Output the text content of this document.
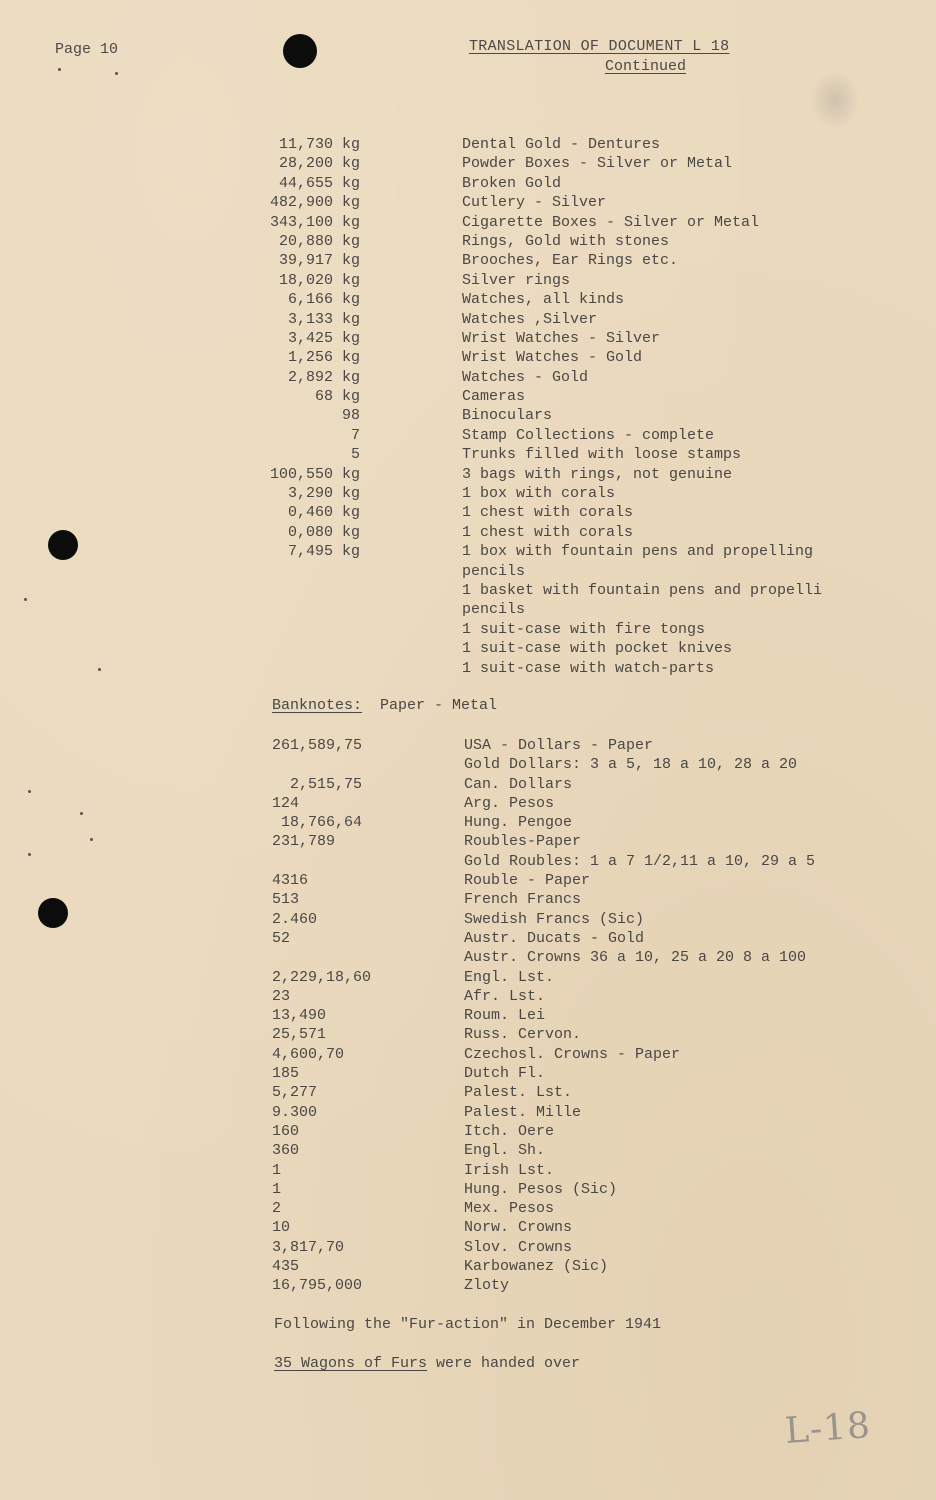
Page 10	TRANSLATION OF DOCUMENT L 18
Continued
11,730 kg
28,200 kg
44,655 kg
482,900 kg
343,100 kg
20,880 kg
39,917 kg
18,020 kg
6,166 kg
3,133 kg
3,425 kg
1,256 kg
2,892 kg
68 kg
98
7
5
100,550 kg
3,290 kg
0,460 kg
0,080 kg
7,495 kg
Dental Gold - Dentures
Powder Boxes - Silver or Metal
Broken Gold
Cutlery - Silver
Cigarette Boxes - Silver or Metal
Rings, Gold with stones
Brooches, Ear Rings etc.
Silver rings
Watches, all kinds
Watches ,Silver
Wrist Watches - Silver
Wrist Watches - Gold
Watches - Gold
Cameras
Binoculars
Stamp Collections - complete
Trunks filled with loose stamps
3 bags with rings, not genuine
1 box with corals
1 chest with corals
1 chest with corals
1 box with fountain pens and propelling
pencils
1 basket with fountain pens and propelli
pencils
1 suit-case with fire tongs
1 suit-case with pocket knives
1 suit-case with watch-parts
Banknotes: Paper - Metal
261,589,75
2,515,75
124
18,766,64
231,789
4316
513
2.460
52
2,229,18,60
23
13,490
25,571
4,600,70
185
5,277
9.300
160
360
1
1
2
10
3,817,70
435
16,795,000
USA - Dollars - Paper
Gold Dollars: 3 a 5, 18 a 10, 28 a 20
Can. Dollars
Arg. Pesos
Hung. Pengoe
Roubles-Paper
Gold Roubles: 1 a 7 1/2,11 a 10, 29 a 5
Rouble - Paper
French Francs
Swedish Francs (Sic)
Austr. Ducats - Gold
Austr. Crowns 36 a 10, 25 a 20 8 a 100
Engl. Lst.
Afr. Lst.
Roum. Lei
Russ. Cervon.
Czechosl. Crowns - Paper
Dutch Fl.
Palest. Lst.
Palest. Mille
Itch. Oere
Engl. Sh.
Irish Lst.
Hung. Pesos (Sic)
Mex. Pesos
Norw. Crowns
Slov. Crowns
Karbowanez (Sic)
Zloty
Following the "Fur-action" in December 1941
35 Wagons of Furs were handed over
L-18
